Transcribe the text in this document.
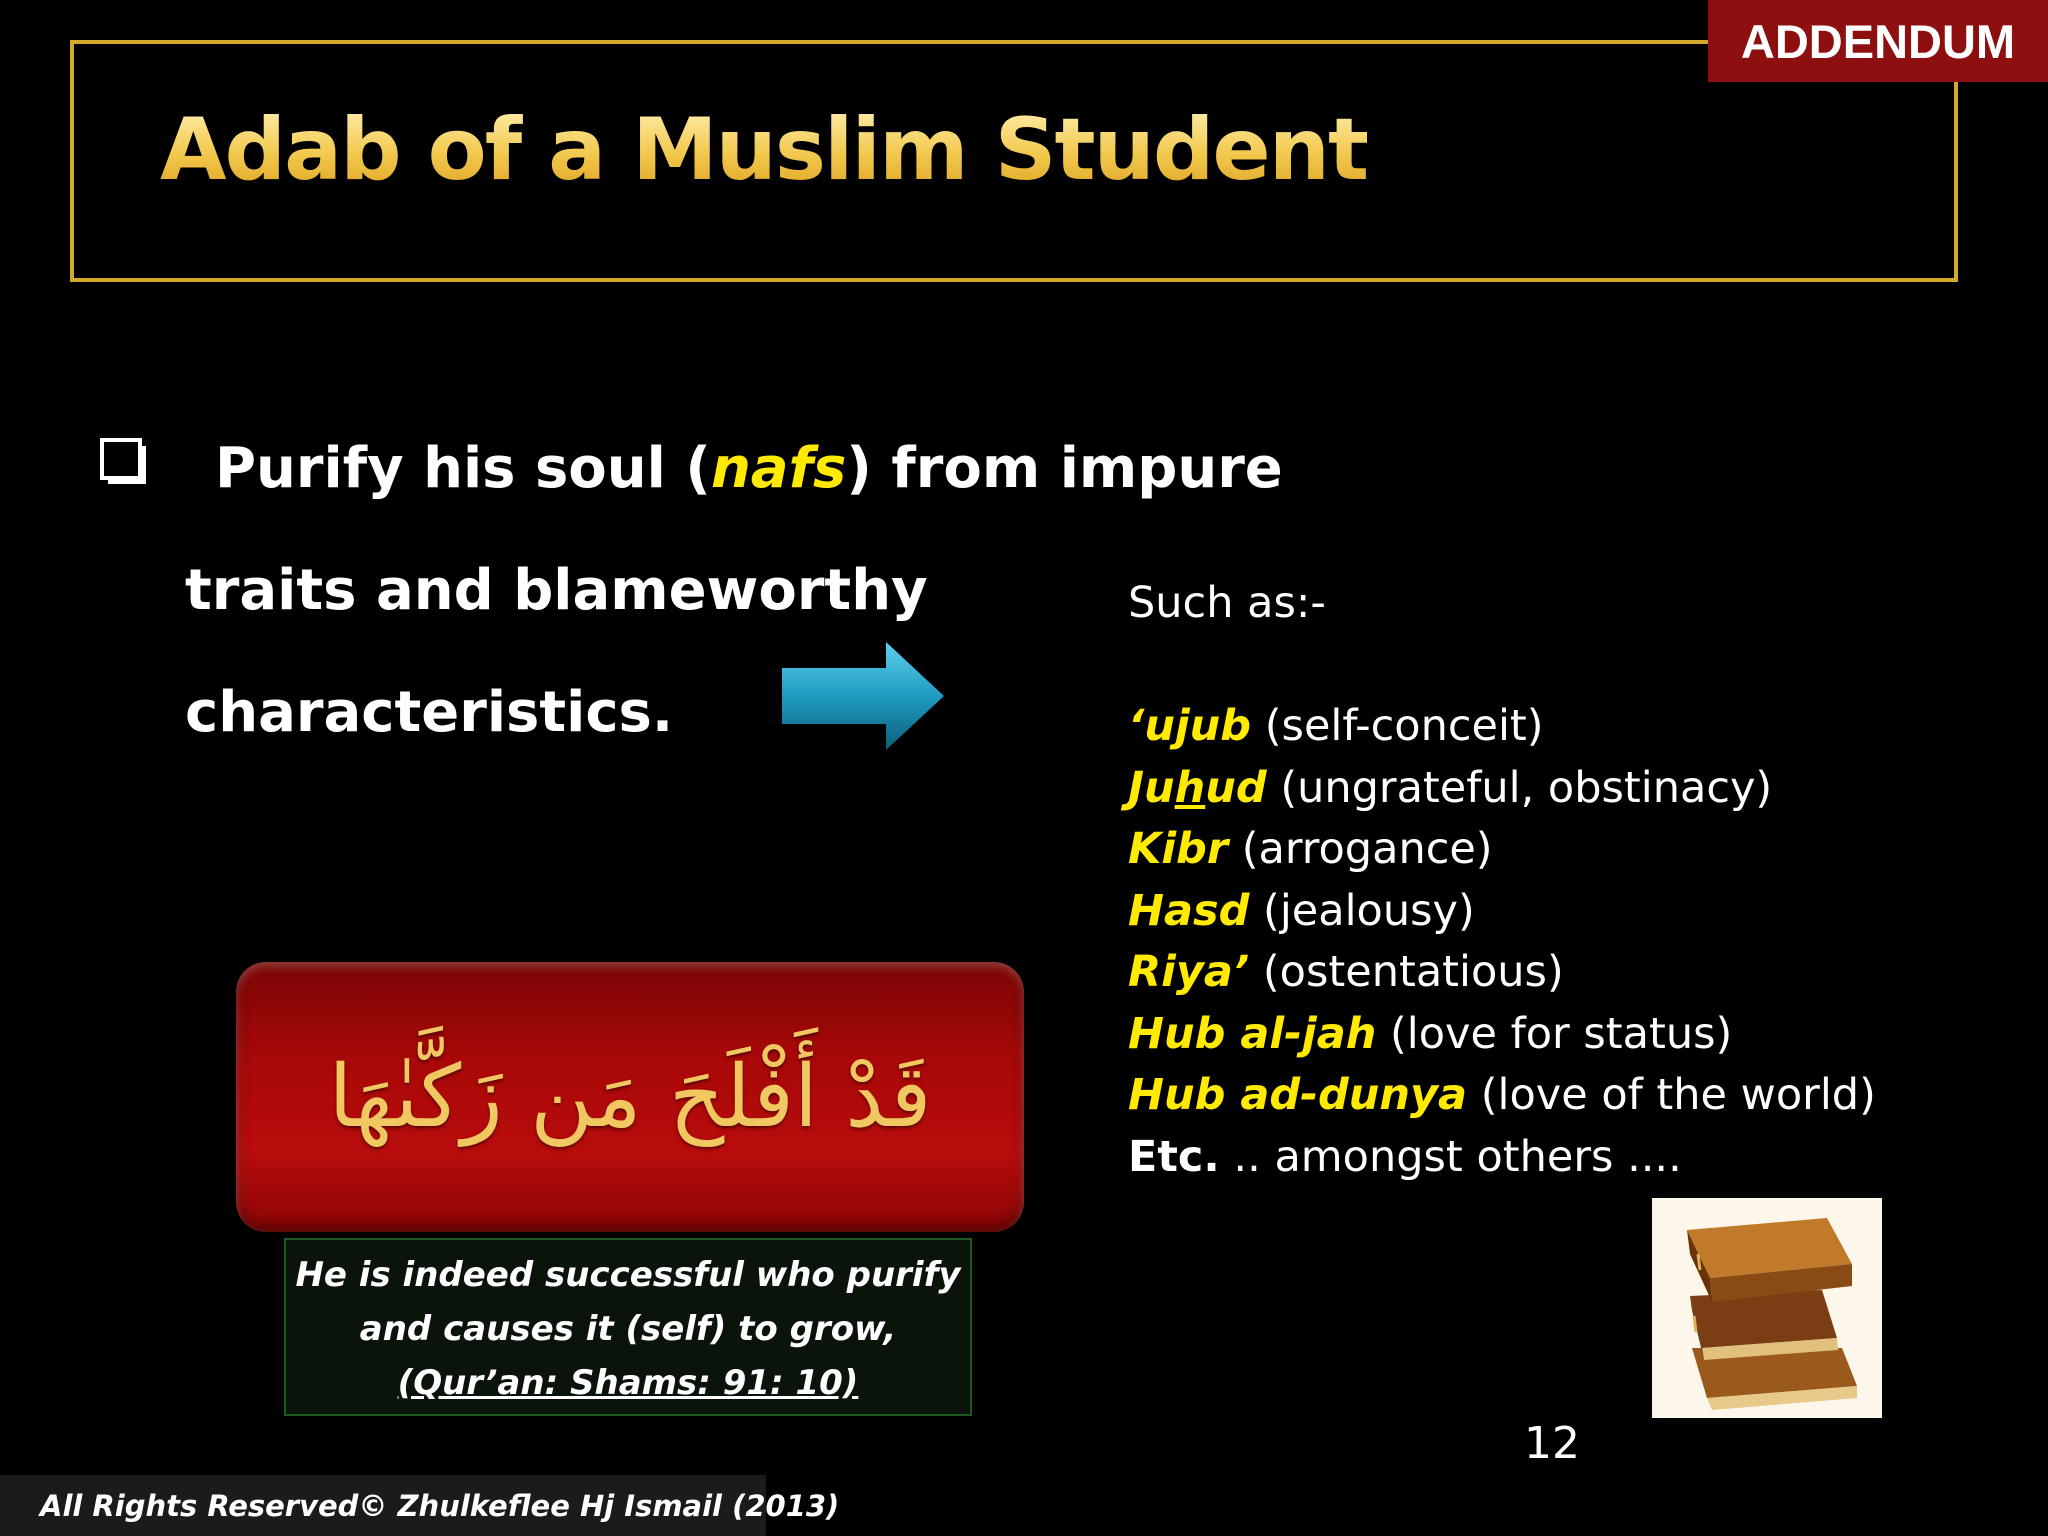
Adab of a Muslim Student
ADDENDUM
Purify his soul (nafs) from impure
traits and blameworthy
characteristics.
Such as:-
‘ujub (self-conceit)
Juhud (ungrateful, obstinacy)
Kibr (arrogance)
Hasd (jealousy)
Riya’ (ostentatious)
Hub al-jah (love for status)
Hub ad-dunya (love of the world)
Etc. .. amongst others ....
قَدْ أَفْلَحَ مَن زَكَّىٰهَا
He is indeed successful who purify
and causes it (self) to grow,
(Qur’an: Shams: 91: 10)
12
All Rights Reserved© Zhulkeflee Hj Ismail (2013)
